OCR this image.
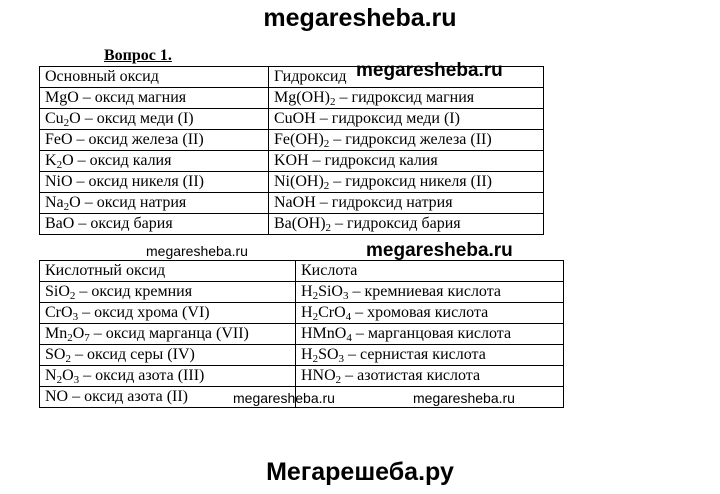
megaresheba.ru
Вопрос 1.
Основный оксид	Гидроксид
MgO – оксид магния	$Mg(OH)_2$ – гидроксид магния
$Cu_2O$ – оксид меди (I)	CuOH – гидроксид меди (I)
FeO – оксид железа (II)	$Fe(OH)_2$ – гидроксид железа (II)
$K_2O$ – оксид калия	KOH – гидроксид калия
NiO – оксид никеля (II)	$Ni(OH)_2$ – гидроксид никеля (II)
$Na_2O$ – оксид натрия	NaOH – гидроксид натрия
BaO – оксид бария	$Ba(OH)_2$ – гидроксид бария
Кислотный оксид	Кислота
SiO$_2$ – оксид кремния	$H_2SiO_3$ – кремниевая кислота
CrO$_3$ – оксид хрома (VI)	$H_2CrO_4$ – хромовая кислота
$Mn_2O_7$ – оксид марганца (VII)	HMnO$_4$ – марганцовая кислота
$SO_2$ – оксид серы (IV)	$H_2SO_3$ – сернистая кислота
$N_2O_3$ – оксид азота (III)	$HNO_2$ – азотистая кислота
NO – оксид азота (II)	
megaresheba.ru
megaresheba.ru	megaresheba.ru
megaresheba.ru	megaresheba.ru
Мегарешеба.ру
